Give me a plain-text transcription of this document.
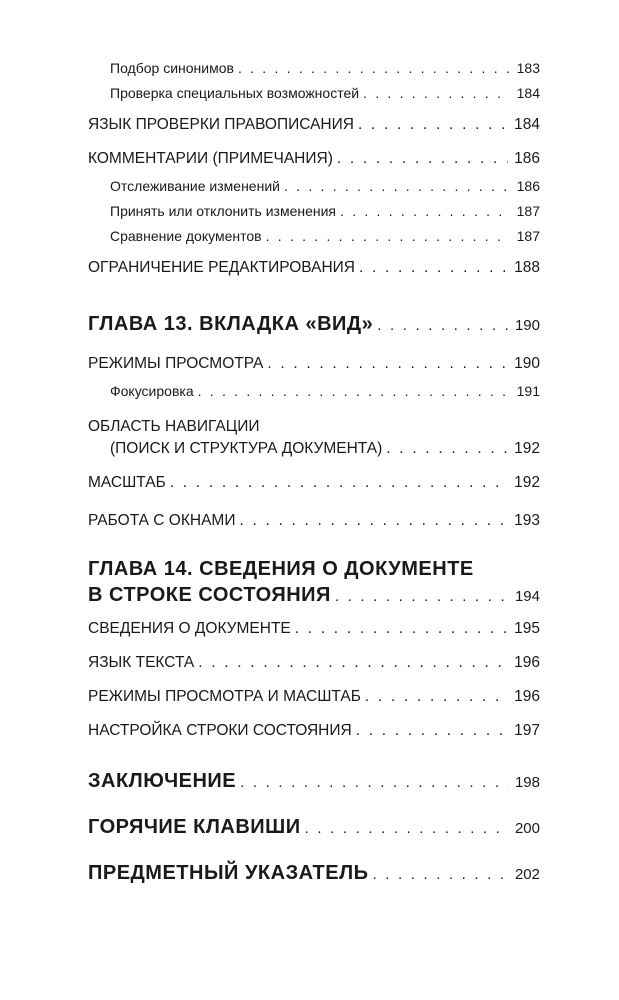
Подбор синонимов . . .	183
Проверка специальных возможностей . . .	184
ЯЗЫК ПРОВЕРКИ ПРАВОПИСАНИЯ . . .	184
КОММЕНТАРИИ (ПРИМЕЧАНИЯ) . . .	186
Отслеживание изменений . . .	186
Принять или отклонить изменения . . .	187
Сравнение документов . . .	187
ОГРАНИЧЕНИЕ РЕДАКТИРОВАНИЯ . . .	188
ГЛАВА 13. ВКЛАДКА «ВИД» . . .	190
РЕЖИМЫ ПРОСМОТРА . . .	190
Фокусировка . . .	191
ОБЛАСТЬ НАВИГАЦИИ
(ПОИСК И СТРУКТУРА ДОКУМЕНТА) . . .	192
МАСШТАБ . . .	192
РАБОТА С ОКНАМИ . . .	193
ГЛАВА 14. СВЕДЕНИЯ О ДОКУМЕНТЕ
В СТРОКЕ СОСТОЯНИЯ . . .	194
СВЕДЕНИЯ О ДОКУМЕНТЕ . . .	195
ЯЗЫК ТЕКСТА . . .	196
РЕЖИМЫ ПРОСМОТРА И МАСШТАБ . . .	196
НАСТРОЙКА СТРОКИ СОСТОЯНИЯ . . .	197
ЗАКЛЮЧЕНИЕ . . .	198
ГОРЯЧИЕ КЛАВИШИ . . .	200
ПРЕДМЕТНЫЙ УКАЗАТЕЛЬ . . .	202
